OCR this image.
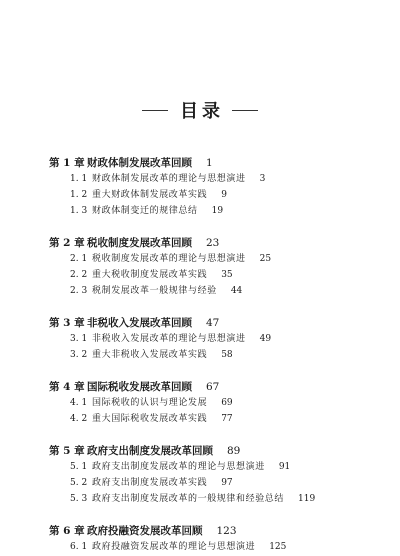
目录
第 1 章 财政体制发展改革回顾 1
1. 1 财政体制发展改革的理论与思想演进 3
1. 2 重大财政体制发展改革实践 9
1. 3 财政体制变迁的规律总结 19
第 2 章 税收制度发展改革回顾 23
2. 1 税收制度发展改革的理论与思想演进 25
2. 2 重大税收制度发展改革实践 35
2. 3 税制发展改革一般规律与经验 44
第 3 章 非税收入发展改革回顾 47
3. 1 非税收入发展改革的理论与思想演进 49
3. 2 重大非税收入发展改革实践 58
第 4 章 国际税收发展改革回顾 67
4. 1 国际税收的认识与理论发展 69
4. 2 重大国际税收发展改革实践 77
第 5 章 政府支出制度发展改革回顾 89
5. 1 政府支出制度发展改革的理论与思想演进 91
5. 2 政府支出制度发展改革实践 97
5. 3 政府支出制度发展改革的一般规律和经验总结 119
第 6 章 政府投融资发展改革回顾 123
6. 1 政府投融资发展改革的理论与思想演进 125
